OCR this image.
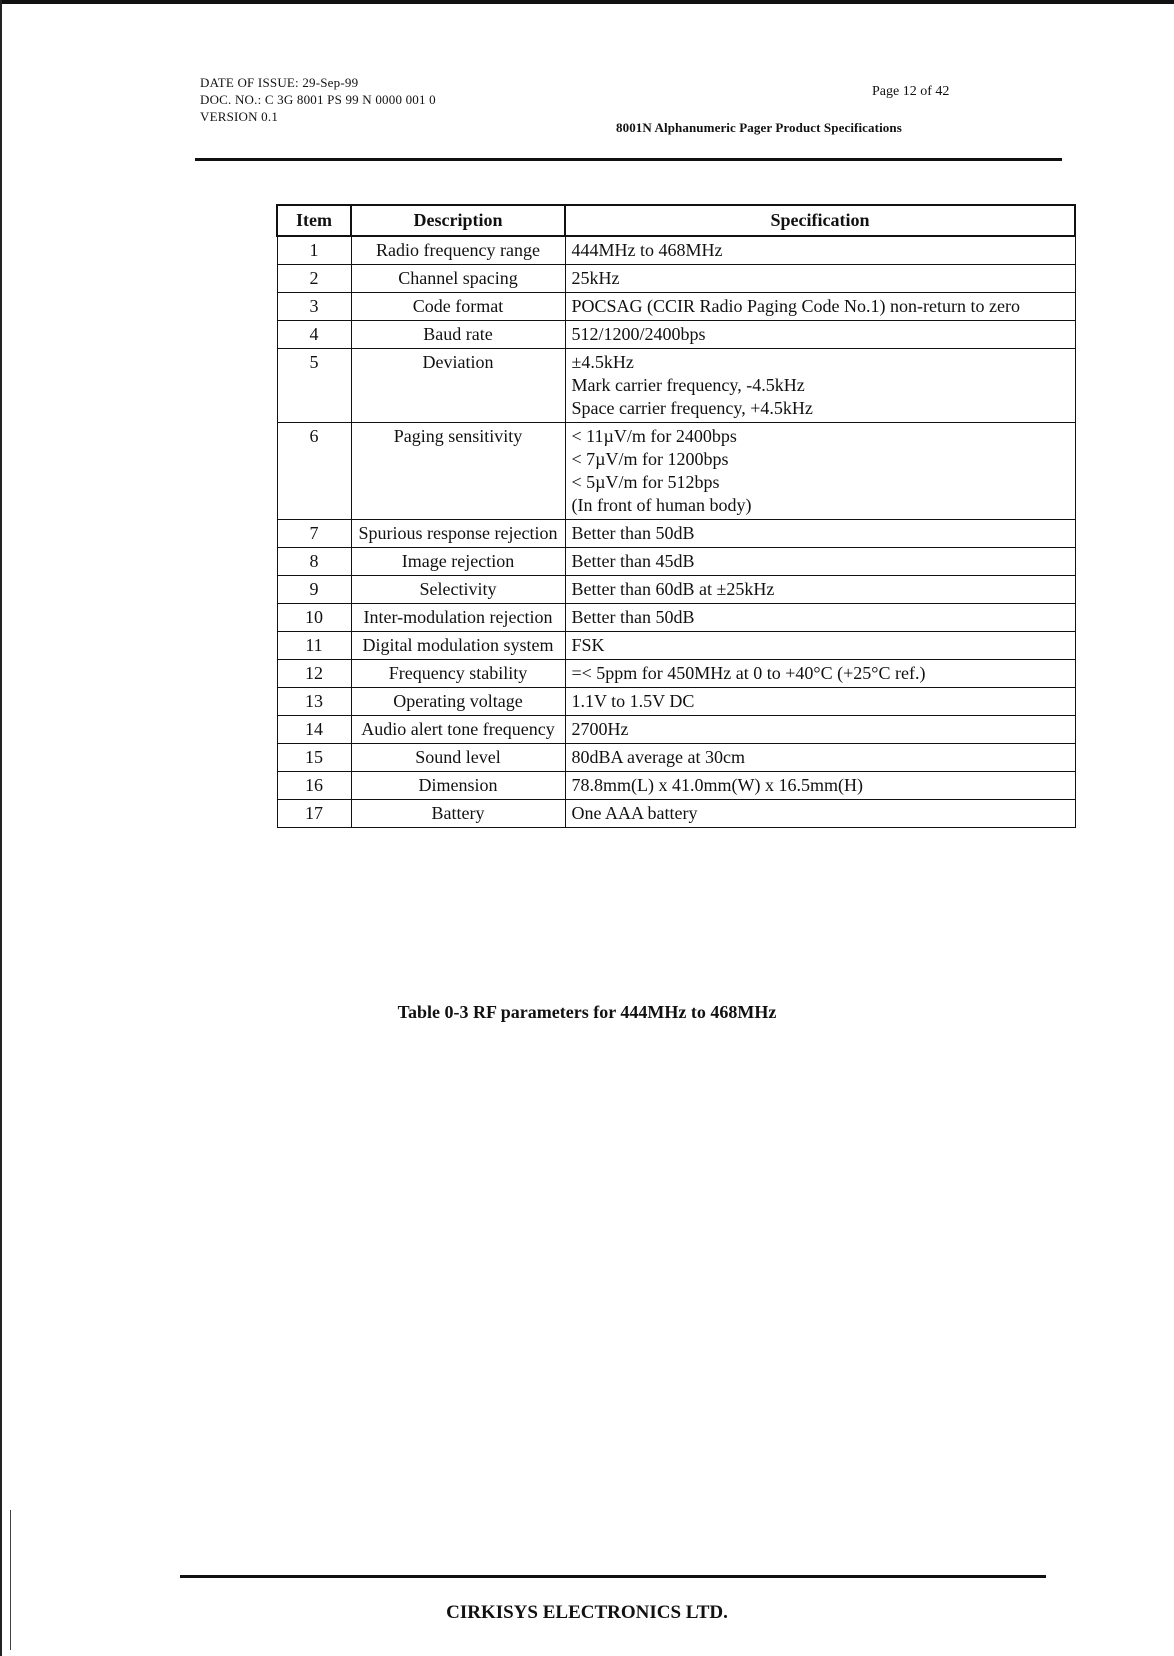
DATE OF ISSUE: 29-Sep-99
DOC. NO.: C 3G 8001 PS 99 N 0000 001 0
VERSION 0.1
Page 12 of 42
8001N Alphanumeric Pager Product Specifications
Item	Description	Specification
1	Radio frequency range	444MHz to 468MHz

2	Channel spacing	25kHz

3	Code format	POCSAG (CCIR Radio Paging Code No.1) non-return to zero

4	Baud rate	512/1200/2400bps

5	Deviation	±4.5kHz
Mark carrier frequency, -4.5kHz
Space carrier frequency, +4.5kHz

6	Paging sensitivity	< 11µV/m for 2400bps
< 7µV/m for 1200bps
< 5µV/m for 512bps
(In front of human body)

7	Spurious response rejection	Better than 50dB

8	Image rejection	Better than 45dB

9	Selectivity	Better than 60dB at ±25kHz

10	Inter-modulation rejection	Better than 50dB

11	Digital modulation system	FSK

12	Frequency stability	=< 5ppm for 450MHz at 0 to +40°C (+25°C ref.)

13	Operating voltage	1.1V to 1.5V DC

14	Audio alert tone frequency	2700Hz

15	Sound level	80dBA average at 30cm

16	Dimension	78.8mm(L) x 41.0mm(W) x 16.5mm(H)

17	Battery	One AAA battery
Table 0-3 RF parameters for 444MHz to 468MHz
CIRKISYS ELECTRONICS LTD.
